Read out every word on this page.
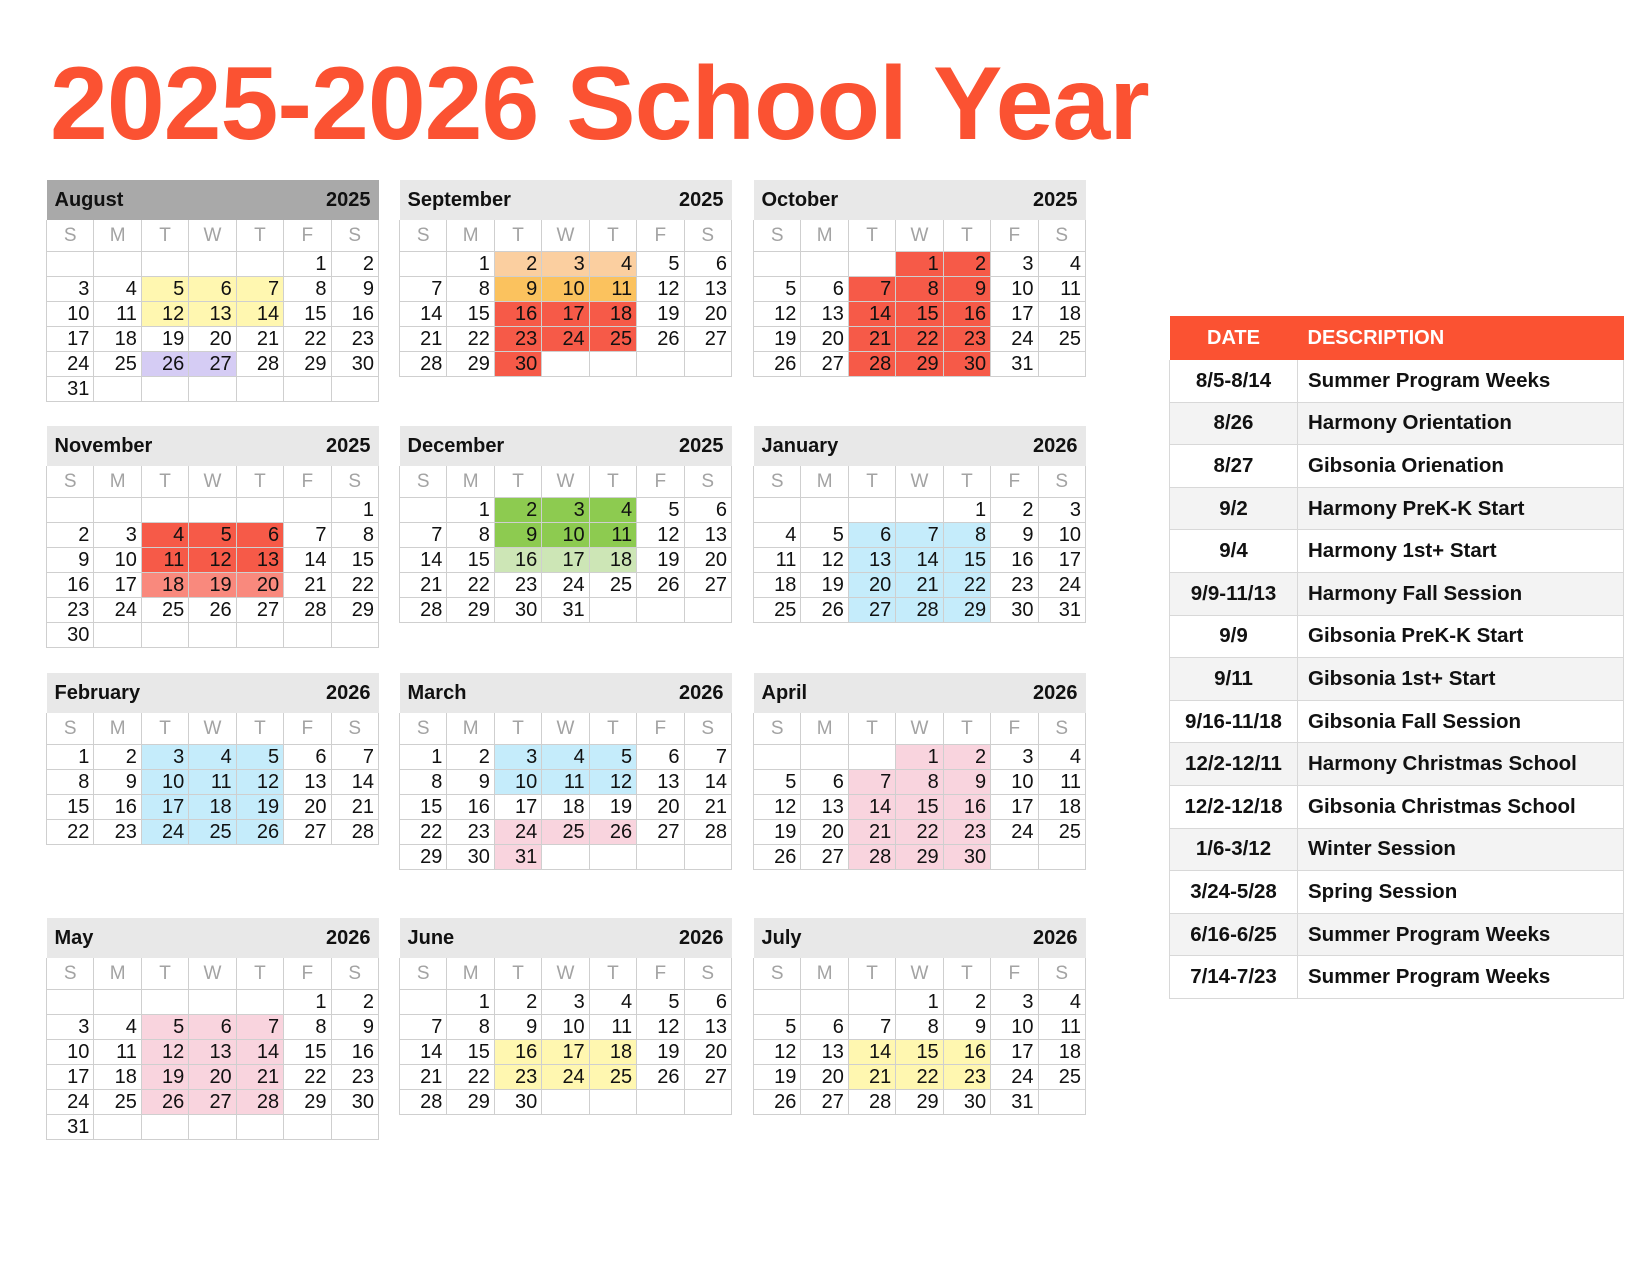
2025-2026 School Year
August				2025		
S	M	T	W	T	F	S
					1	2
3	4	5	6	7	8	9
10	11	12	13	14	15	16
17	18	19	20	21	22	23
24	25	26	27	28	29	30
31						
September				2025		
S	M	T	W	T	F	S
	1	2	3	4	5	6
7	8	9	10	11	12	13
14	15	16	17	18	19	20
21	22	23	24	25	26	27
28	29	30				
October				2025		
S	M	T	W	T	F	S
			1	2	3	4
5	6	7	8	9	10	11
12	13	14	15	16	17	18
19	20	21	22	23	24	25
26	27	28	29	30	31	
November				2025		
S	M	T	W	T	F	S
						1
2	3	4	5	6	7	8
9	10	11	12	13	14	15
16	17	18	19	20	21	22
23	24	25	26	27	28	29
30						
December				2025		
S	M	T	W	T	F	S
	1	2	3	4	5	6
7	8	9	10	11	12	13
14	15	16	17	18	19	20
21	22	23	24	25	26	27
28	29	30	31			
January				2026		
S	M	T	W	T	F	S
				1	2	3
4	5	6	7	8	9	10
11	12	13	14	15	16	17
18	19	20	21	22	23	24
25	26	27	28	29	30	31
February				2026		
S	M	T	W	T	F	S
1	2	3	4	5	6	7
8	9	10	11	12	13	14
15	16	17	18	19	20	21
22	23	24	25	26	27	28
March				2026		
S	M	T	W	T	F	S
1	2	3	4	5	6	7
8	9	10	11	12	13	14
15	16	17	18	19	20	21
22	23	24	25	26	27	28
29	30	31				
April				2026		
S	M	T	W	T	F	S
			1	2	3	4
5	6	7	8	9	10	11
12	13	14	15	16	17	18
19	20	21	22	23	24	25
26	27	28	29	30		
May				2026		
S	M	T	W	T	F	S
					1	2
3	4	5	6	7	8	9
10	11	12	13	14	15	16
17	18	19	20	21	22	23
24	25	26	27	28	29	30
31						
June				2026		
S	M	T	W	T	F	S
	1	2	3	4	5	6
7	8	9	10	11	12	13
14	15	16	17	18	19	20
21	22	23	24	25	26	27
28	29	30				
July				2026		
S	M	T	W	T	F	S
			1	2	3	4
5	6	7	8	9	10	11
12	13	14	15	16	17	18
19	20	21	22	23	24	25
26	27	28	29	30	31	
DATE	DESCRIPTION
8/5-8/14	Summer Program Weeks
8/26	Harmony Orientation
8/27	Gibsonia Orienation
9/2	Harmony PreK-K Start
9/4	Harmony 1st+ Start
9/9-11/13	Harmony Fall Session
9/9	Gibsonia PreK-K Start
9/11	Gibsonia 1st+ Start
9/16-11/18	Gibsonia Fall Session
12/2-12/11	Harmony Christmas School
12/2-12/18	Gibsonia Christmas School
1/6-3/12	Winter Session
3/24-5/28	Spring Session
6/16-6/25	Summer Program Weeks
7/14-7/23	Summer Program Weeks
